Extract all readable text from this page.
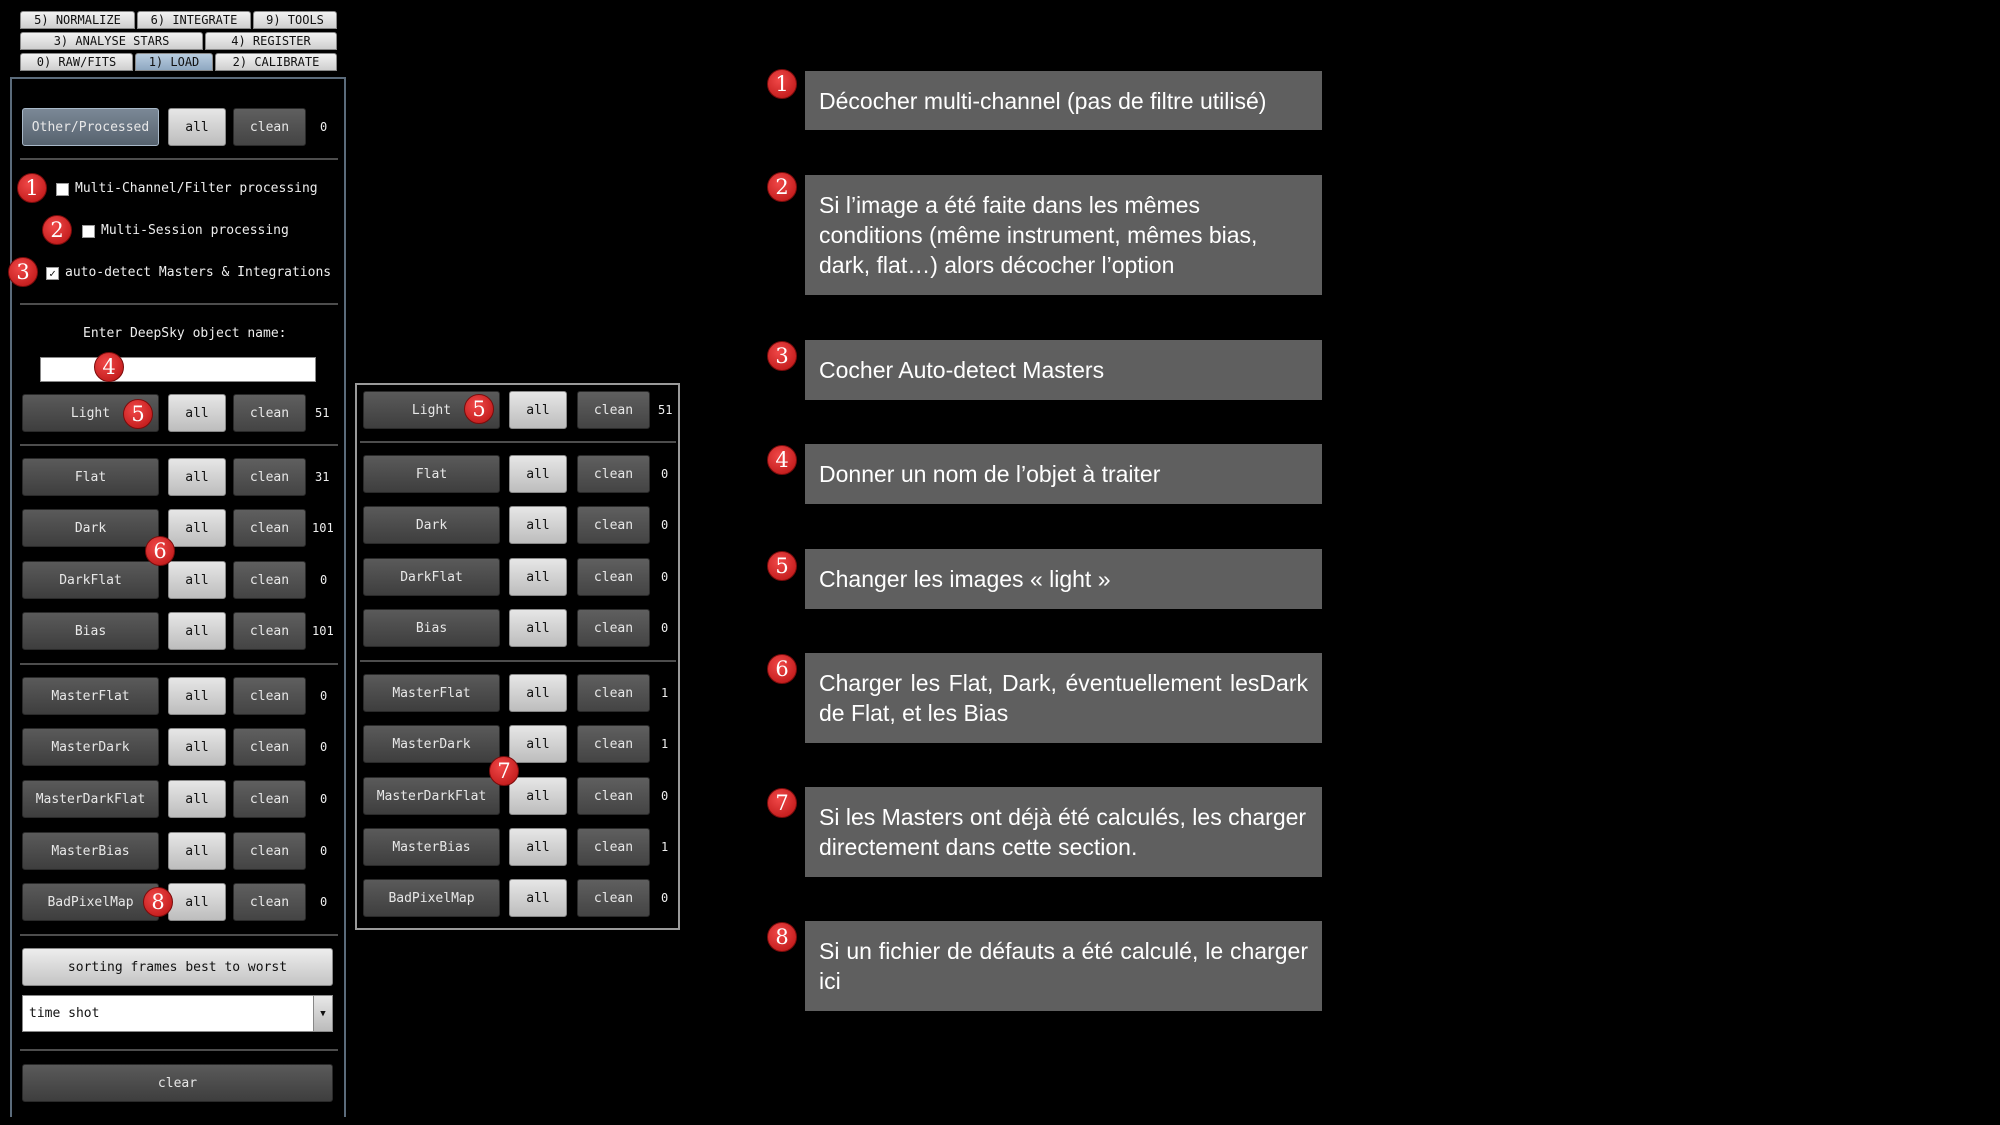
5) NORMALIZE	6) INTEGRATE	9) TOOLS
3) ANALYSE STARS	4) REGISTER
0) RAW/FITS	1) LOAD	2) CALIBRATE
Other/Processed	all	clean	0
Multi-Channel/Filter processing
Multi-Session processing
✓ auto-detect Masters & Integrations
Enter DeepSky object name:
Light	all	clean	51
Flat	all	clean	31
Dark	all	clean	101
DarkFlat	all	clean	0
Bias	all	clean	101
MasterFlat	all	clean	0
MasterDark	all	clean	0
MasterDarkFlat	all	clean	0
MasterBias	all	clean	0
BadPixelMap	all	clean	0
sorting frames best to worst
time shot	▼
clear
Light	all	clean	51
Flat	all	clean	0
Dark	all	clean	0
DarkFlat	all	clean	0
Bias	all	clean	0
MasterFlat	all	clean	1
MasterDark	all	clean	1
MasterDarkFlat	all	clean	0
MasterBias	all	clean	1
BadPixelMap	all	clean	0
1
2
3
4
5	5
6
7
8
1
Décocher multi-channel (pas de filtre utilisé)
2
Si l’image a été faite dans les mêmes conditions (même instrument, mêmes bias, dark, flat…) alors décocher l’option
3
Cocher Auto-detect Masters
4
Donner un nom de l’objet à traiter
5	Changer les images « light »
6
Charger les Flat, Dark, éventuellement lesDark de Flat, et les Bias
7
Si les Masters ont déjà été calculés, les charger directement dans cette section.
8
Si un fichier de défauts a été calculé, le charger ici
